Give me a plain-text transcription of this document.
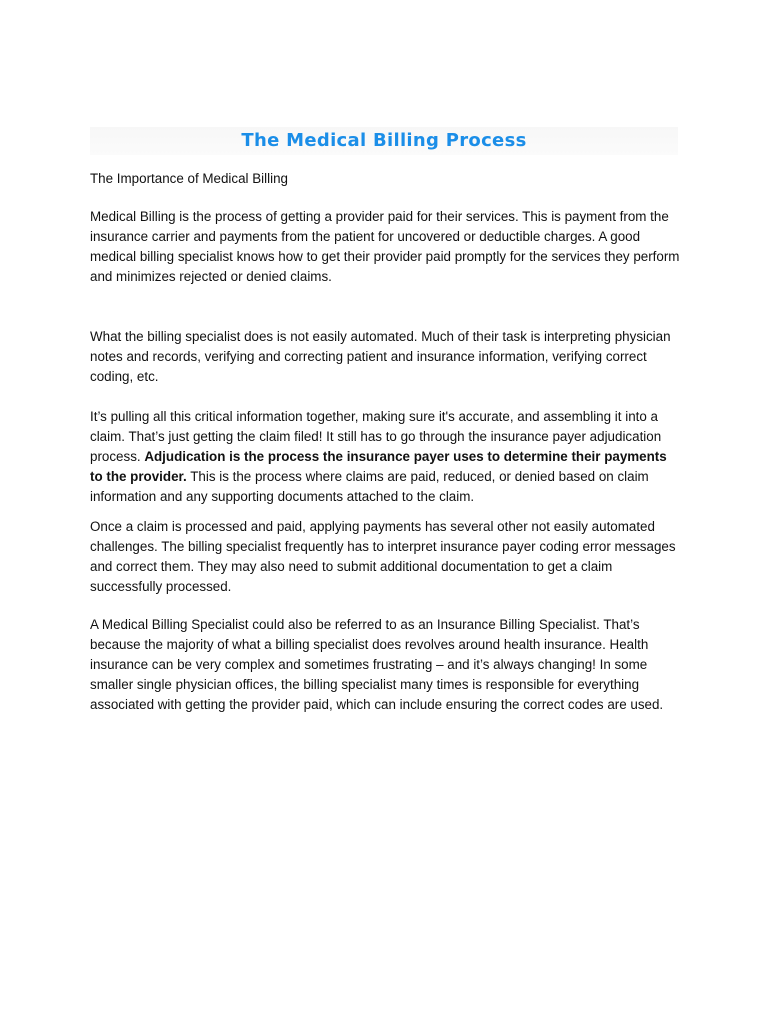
The Medical Billing Process

The Importance of Medical Billing

Medical Billing is the process of getting a provider paid for their services. This is payment from the insurance carrier and payments from the patient for uncovered or deductible charges. A good medical billing specialist knows how to get their provider paid promptly for the services they perform and minimizes rejected or denied claims.

What the billing specialist does is not easily automated. Much of their task is interpreting physician notes and records, verifying and correcting patient and insurance information, verifying correct coding, etc.

It’s pulling all this critical information together, making sure it's accurate, and assembling it into a claim. That’s just getting the claim filed! It still has to go through the insurance payer adjudication process. Adjudication is the process the insurance payer uses to determine their payments to the provider. This is the process where claims are paid, reduced, or denied based on claim information and any supporting documents attached to the claim.

Once a claim is processed and paid, applying payments has several other not easily automated challenges. The billing specialist frequently has to interpret insurance payer coding error messages and correct them. They may also need to submit additional documentation to get a claim successfully processed.

A Medical Billing Specialist could also be referred to as an Insurance Billing Specialist. That’s because the majority of what a billing specialist does revolves around health insurance. Health insurance can be very complex and sometimes frustrating – and it’s always changing! In some smaller single physician offices, the billing specialist many times is responsible for everything associated with getting the provider paid, which can include ensuring the correct codes are used.
